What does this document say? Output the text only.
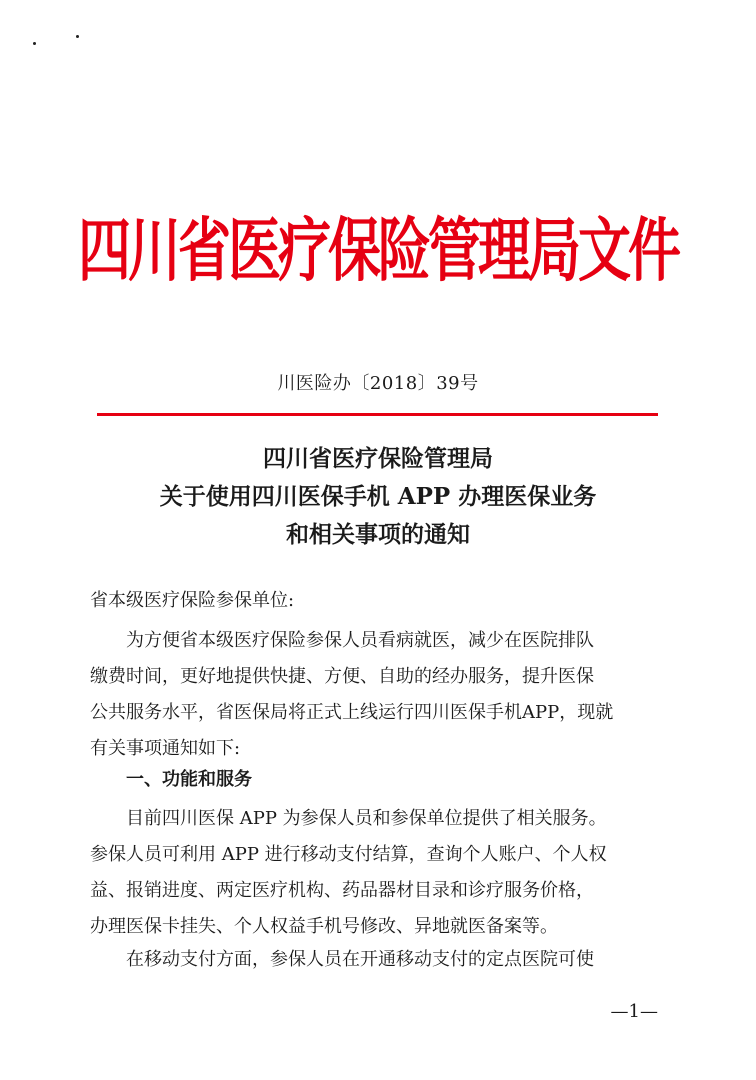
四川省医疗保险管理局文件
川医险办〔2018〕39号
四川省医疗保险管理局
关于使用四川医保手机 APP 办理医保业务
和相关事项的通知
省本级医疗保险参保单位:
为方便省本级医疗保险参保人员看病就医，减少在医院排队
缴费时间，更好地提供快捷、方便、自助的经办服务，提升医保
公共服务水平，省医保局将正式上线运行四川医保手机APP，现就
有关事项通知如下:
一、功能和服务
目前四川医保 APP 为参保人员和参保单位提供了相关服务。
参保人员可利用 APP 进行移动支付结算，查询个人账户、个人权
益、报销进度、两定医疗机构、药品器材目录和诊疗服务价格，
办理医保卡挂失、个人权益手机号修改、异地就医备案等。
在移动支付方面，参保人员在开通移动支付的定点医院可使
—1—
